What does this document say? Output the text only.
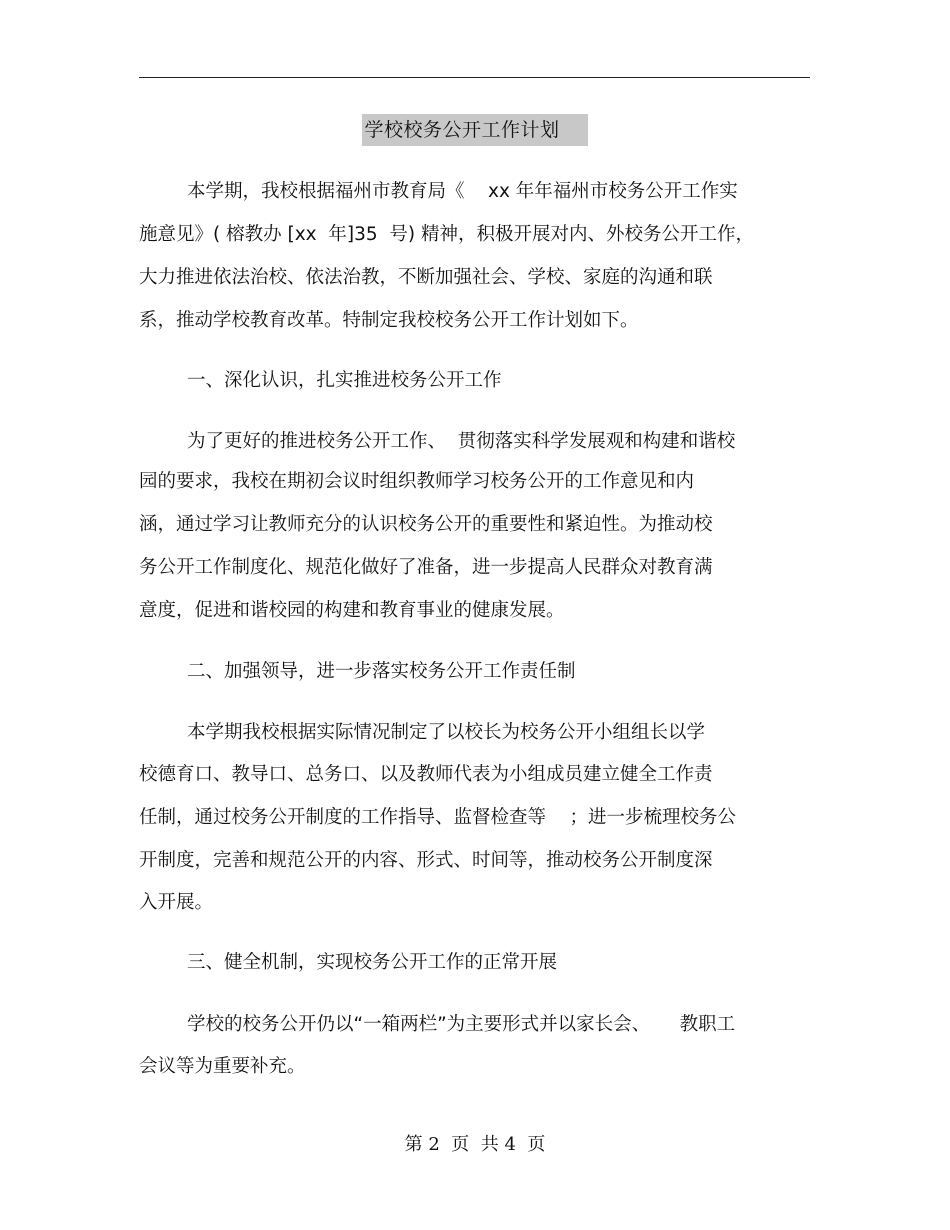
学校校务公开工作计划
本学期，我校根据福州市教育局《    xx 年年福州市校务公开工作实
施意见》( 榕教办 [xx  年]35  号) 精神，积极开展对内、外校务公开工作，
大力推进依法治校、依法治教，不断加强社会、学校、家庭的沟通和联
系，推动学校教育改革。特制定我校校务公开工作计划如下。
一、深化认识，扎实推进校务公开工作
为了更好的推进校务公开工作、  贯彻落实科学发展观和构建和谐校
园的要求，我校在期初会议时组织教师学习校务公开的工作意见和内
涵，通过学习让教师充分的认识校务公开的重要性和紧迫性。为推动校
务公开工作制度化、规范化做好了准备，进一步提高人民群众对教育满
意度，促进和谐校园的构建和教育事业的健康发展。
二、加强领导，进一步落实校务公开工作责任制
本学期我校根据实际情况制定了以校长为校务公开小组组长以学
校德育口、教导口、总务口、以及教师代表为小组成员建立健全工作责
任制，通过校务公开制度的工作指导、监督检查等    ；进一步梳理校务公
开制度，完善和规范公开的内容、形式、时间等，推动校务公开制度深
入开展。
三、健全机制，实现校务公开工作的正常开展
学校的校务公开仍以“一箱两栏”为主要形式并以家长会、     教职工
会议等为重要补充。
第 2  页  共 4  页
